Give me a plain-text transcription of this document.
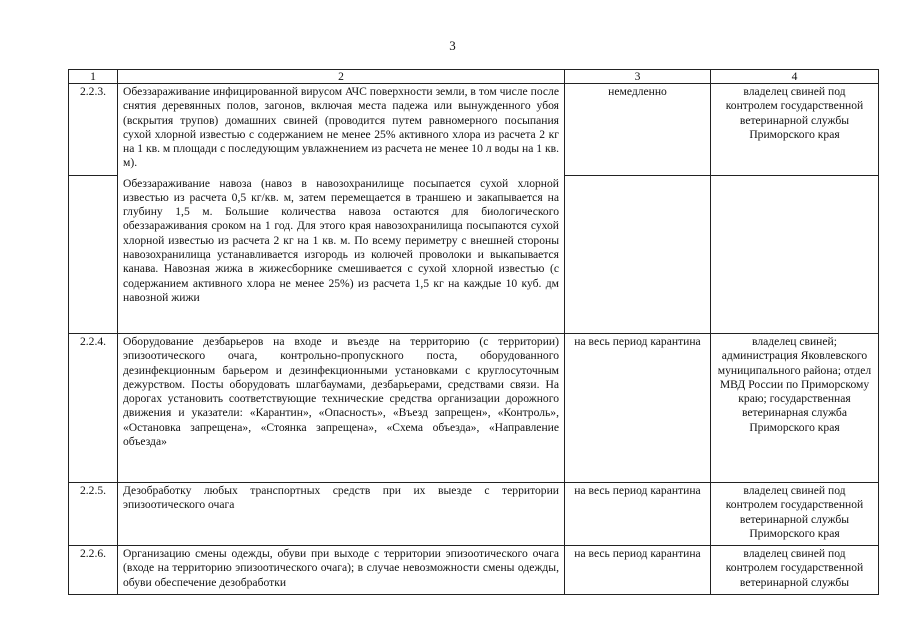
3
1	2	3	4
2.2.3.	Обеззараживание инфицированной вирусом АЧС поверхности земли, в том числе после снятия деревянных полов, загонов, включая места падежа или вынужденного убоя (вскрытия трупов) домашних свиней (проводится путем равномерного посыпания сухой хлорной известью с содержанием не менее 25% активного хлора из расчета 2 кг на 1 кв. м площади с последующим увлажнением из расчета не менее 10 л воды на 1 кв. м).	немедленно	владелец свиней под контролем государственной ветеринарной службы Приморского края
	Обеззараживание навоза (навоз в навозохранилище посыпается сухой хлорной известью из расчета 0,5 кг/кв. м, затем перемещается в траншею и закапывается на глубину 1,5 м. Большие количества навоза остаются для биологического обеззараживания сроком на 1 год. Для этого края навозохранилища посыпаются сухой хлорной известью из расчета 2 кг на 1 кв. м. По всему периметру с внешней стороны навозохранилища устанавливается изгородь из колючей проволоки и выкапывается канава. Навозная жижа в жижесборнике смешивается с сухой хлорной известью (с содержанием активного хлора не менее 25%) из расчета 1,5 кг на каждые 10 куб. дм навозной жижи		
2.2.4.	Оборудование дезбарьеров на входе и въезде на территорию (с территории) эпизоотического очага, контрольно-пропускного поста, оборудованного дезинфекционным барьером и дезинфекционными установками с круглосуточным дежурством. Посты оборудовать шлагбаумами, дезбарьерами, средствами связи. На дорогах установить соответствующие технические средства организации дорожного движения и указатели: «Карантин», «Опасность», «Въезд запрещен», «Контроль», «Остановка запрещена», «Стоянка запрещена», «Схема объезда», «Направление объезда»	на весь период карантина	владелец свиней; администрация Яковлевского муниципального района; отдел МВД России по Приморскому краю; государственная ветеринарная служба Приморского края
2.2.5.	Дезобработку любых транспортных средств при их выезде с территории эпизоотического очага	на весь период карантина	владелец свиней под контролем государственной ветеринарной службы Приморского края
2.2.6.	Организацию смены одежды, обуви при выходе с территории эпизоотического очага (входе на территорию эпизоотического очага); в случае невозможности смены одежды, обуви обеспечение дезобработки	на весь период карантина	владелец свиней под контролем государственной ветеринарной службы
